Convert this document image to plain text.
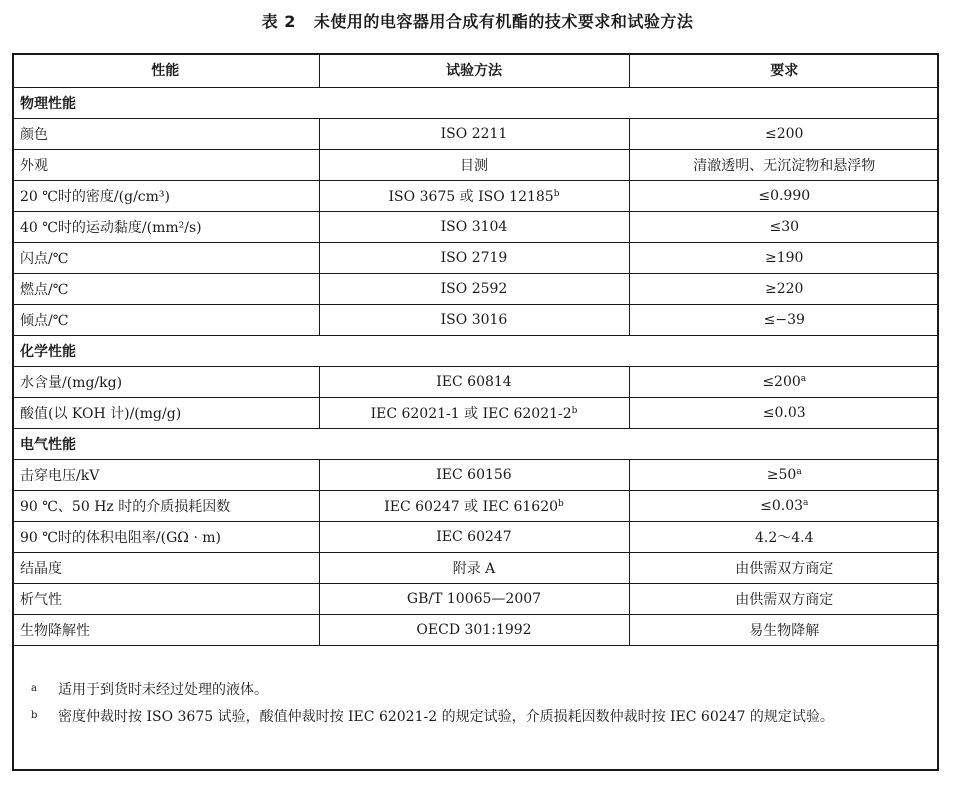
表 2 未使用的电容器用合成有机酯的技术要求和试验方法
性能	试验方法	要求
物理性能		
颜色	ISO 2211	≤200
外观	目测	清澈透明、无沉淀物和悬浮物
20 ℃时的密度/(g/cm³)	ISO 3675 或 ISO $12185^b$	≤0.990
40 ℃时的运动黏度/(mm²/s)	ISO 3104	≤30
闪点/℃	ISO 2719	≥190
燃点/℃	ISO 2592	≥220
倾点/℃	ISO 3016	≤−39
化学性能		
水含量/(mg/kg)	IEC 60814	$\le 200^a$
酸值(以 KOH 计)/(mg/g)	IEC 62021-1 或 IEC $62021-2^b$	≤0.03
电气性能		
击穿电压/kV	IEC 60156	$\ge 50^a$
90 ℃、50 Hz 时的介质损耗因数	IEC 60247 或 IEC $61620^b$	≤0.03$^a$
90 ℃时的体积电阻率/(GΩ · m)	IEC 60247	4.2～4.4
结晶度	附录 A	由供需双方商定
析气性	GB/T 10065—2007	由供需双方商定
生物降解性	OECD 301:1992	易生物降解
a 适用于到货时未经过处理的液体。
b 密度仲裁时按 ISO 3675 试验，酸值仲裁时按 IEC 62021-2 的规定试验，介质损耗因数仲裁时按 IEC 60247 的规定试验。
